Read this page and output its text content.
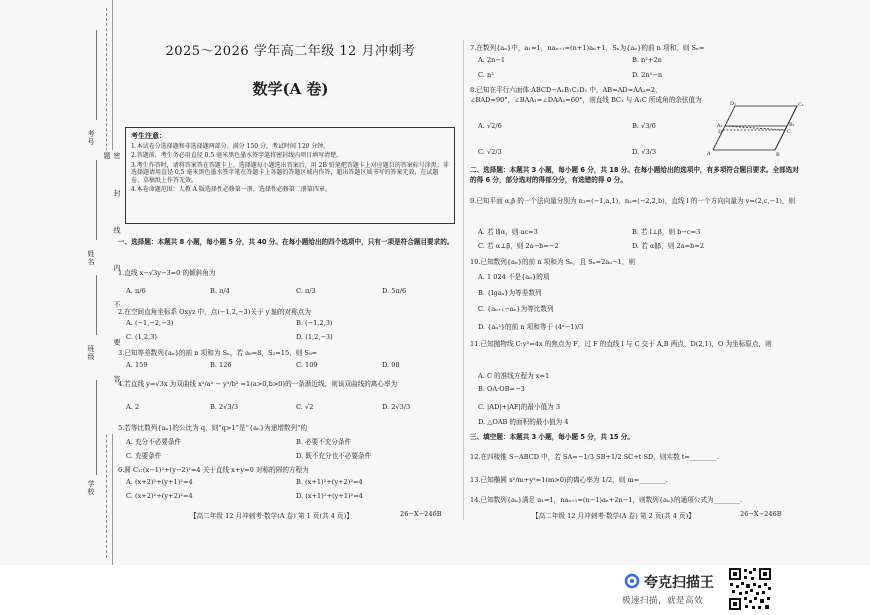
考号
姓名
班级
学校
密 封 线 内 不 要 答 题
2025～2026 学年高二年级 12 月冲刺考
数学(A 卷)
考生注意：

1.本试卷分选择题和非选择题两部分。满分 150 分，考试时间 120 分钟。

2.答题前，考生务必用直径 0.5 毫米黑色墨水签字笔将密封线内项目填写清楚。

3.考生作答时，请将答案答在答题卡上。选择题每小题选出答案后，用 2B 铅笔把答题卡上对应题目的答案标号涂黑；非选择题请用直径 0.5 毫米黑色墨水签字笔在答题卡上各题的答题区域内作答，超出答题区域书写的答案无效，在试题卷、草稿纸上作答无效。

4.本卷命题范围：人教 A 版选择性必修第一册，选择性必修第二册第四章。

一、选择题：本题共 8 小题，每小题 5 分，共 40 分。在每小题给出的四个选项中，只有一项是符合题目要求的。
1.直线 x−√3y−3=0 的倾斜角为
A. π/6	B. π/4	C. π/3	D. 5π/6
2.在空间直角坐标系 Oxyz 中，点(−1,2,−3)关于 y 轴的对称点为
A. (−1,−2,−3)	B. (−1,2,3)
C. (1,2,3)	D. (1,2,−3)
3.已知等差数列{aₙ}的前 n 项和为 Sₙ，若 a₈=8，S₃=15，则 S₉=
A. 159	B. 126	C. 109	D. 98
4.若直线 y=√3x 为双曲线 x²/a² − y²/b² =1(a>0,b>0)的一条渐近线，则该双曲线的离心率为
A. 2	B. 2√3/3	C. √2	D. 2√3/3
5.若等比数列{aₙ}的公比为 q，则“q>1”是“{aₙ}为递增数列”的
A. 充分不必要条件	B. 必要不充分条件
C. 充要条件	D. 既不充分也不必要条件
6.圆 C₁:(x−1)²+(y−2)²=4 关于直线 x+y=0 对称的圆的方程为
A. (x+2)²+(y+1)²=4	B. (x+1)²+(y+2)²=4
C. (x+2)²+(y+2)²=4	D. (x+1)²+(y+1)²=4
【高二年级 12 月冲刺考·数学(A 卷) 第 1 页(共 4 页)】	26−X−246B
7.在数列{aₙ}中，a₁=1，naₙ₊₁=(n+1)aₙ+1，Sₙ为{aₙ}的前 n 项和，则 Sₙ=
A. 2n−1	B. n²+2n
C. n²	D. 2n²−n
8.已知在平行六面体 ABCD−A₁B₁C₁D₁ 中，AB=AD=AA₁=2，∠BAD=90°，∠BAA₁=∠DAA₁=60°，则直线 BC₁ 与 A₁C 所成角的余弦值为
A. √2/6	B. √3/6
C. √2/3	D. √3/3
D₁	C₁
A₁	B₁
D	C
A	B
二、选择题：本题共 3 小题，每小题 6 分，共 18 分。在每小题给出的选项中，有多项符合题目要求。全部选对的得 6 分，部分选对的得部分分，有选错的得 0 分。
9.已知平面 α,β 的一个法向量分别为 n₁=(−1,a,1)，n₂=(−2,2,b)，直线 l 的一个方向向量为 v=(2,c,−1)，则
A. 若 l∥α，则 ac=3	B. 若 l⊥β，则 b−c=3
C. 若 α⊥β，则 2a−b=−2	D. 若 α∥β，则 2a=b=2
10.已知数列{aₙ}的前 n 项和为 Sₙ，且 Sₙ=2aₙ−1，则
A. 1 024 不是{aₙ}的项
B. {lgaₙ}为等差数列
C. {aₙ₊₁−aₙ}为等比数列
D. {aₙ²}的前 n 项和等于 (4ⁿ−1)/3
11.已知抛物线 C:y²=4x 的焦点为 F，过 F 的直线 l 与 C 交于 A,B 两点，D(2,1)，O 为坐标原点，则
A. C 的准线方程为 x=1
B. OA·OB=−3
C. |AD|+|AF|的最小值为 3
D. △OAB 的面积的最小值为 4
三、填空题：本题共 3 小题，每小题 5 分，共 15 分。
12.在四棱锥 S−ABCD 中，若 SA=−1/3 SB+1/2 SC+t SD，则实数 t=________.
13.已知椭圆 x²/m+y²=1(m>0)的离心率为 1/2，则 m=________.
14.已知数列{aₙ}满足 a₁=1，naₙ₊₁=(n−1)aₙ+2n−1，则数列{aₙ}的通项公式为________.
【高二年级 12 月冲刺考·数学(A 卷) 第 2 页(共 4 页)】	26−X−246B
夸克扫描王
极速扫描，就是高效
